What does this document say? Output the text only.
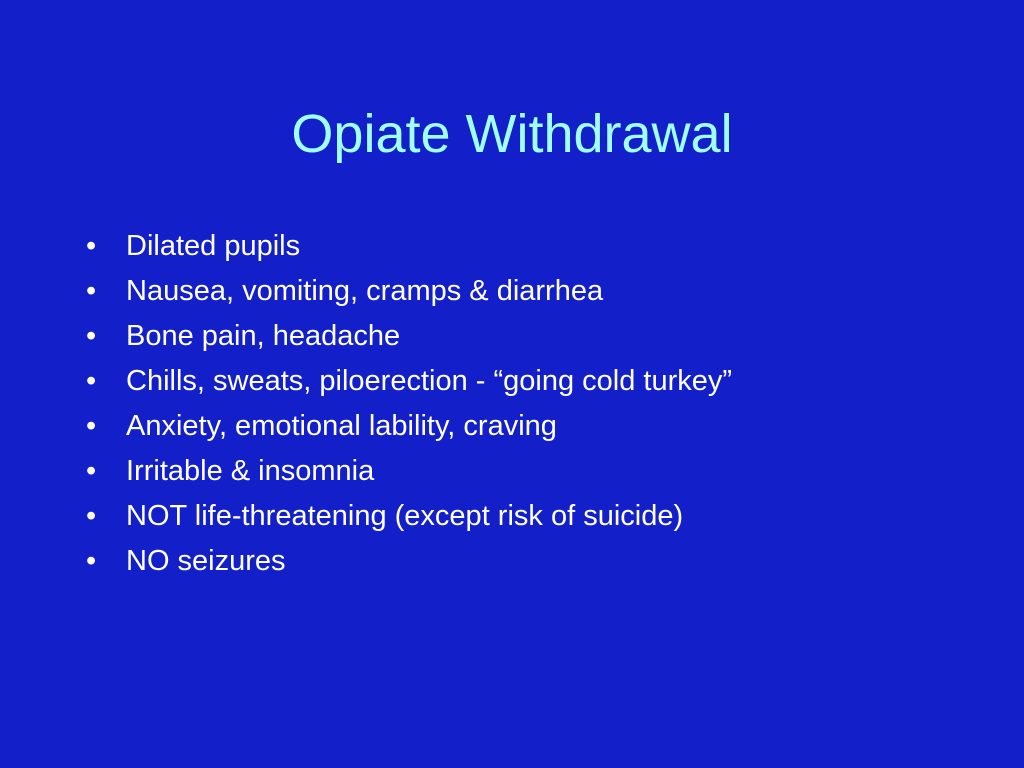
Opiate Withdrawal
•	Dilated pupils
•	Nausea, vomiting, cramps & diarrhea
•	Bone pain, headache
•	Chills, sweats, piloerection - “going cold turkey”
•	Anxiety, emotional lability, craving
•	Irritable & insomnia
•	NOT life-threatening (except risk of suicide)
•	NO seizures
